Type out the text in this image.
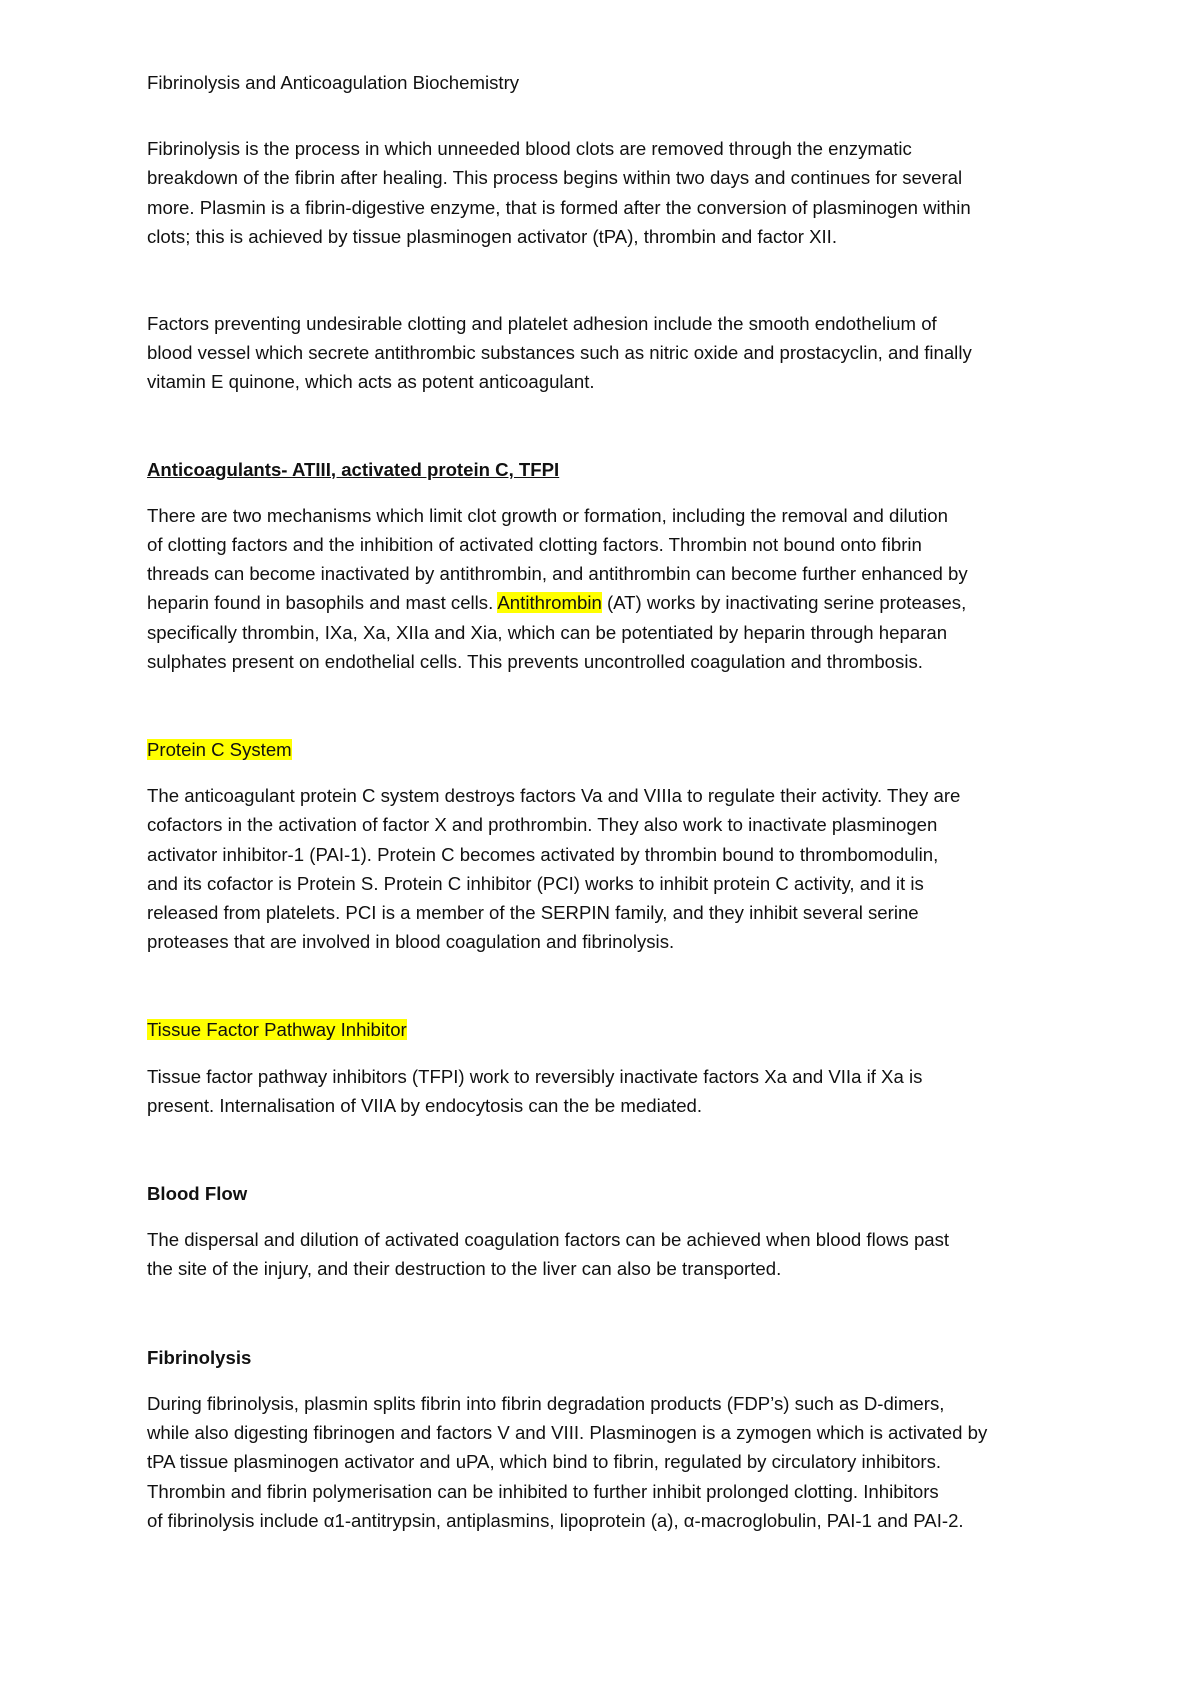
Fibrinolysis and Anticoagulation Biochemistry

Fibrinolysis is the process in which unneeded blood clots are removed through the enzymatic
breakdown of the fibrin after healing. This process begins within two days and continues for several
more. Plasmin is a fibrin-digestive enzyme, that is formed after the conversion of plasminogen within
clots; this is achieved by tissue plasminogen activator (tPA), thrombin and factor XII.
Factors preventing undesirable clotting and platelet adhesion include the smooth endothelium of
blood vessel which secrete antithrombic substances such as nitric oxide and prostacyclin, and finally
vitamin E quinone, which acts as potent anticoagulant.

Anticoagulants- ATIII, activated protein C, TFPI

There are two mechanisms which limit clot growth or formation, including the removal and dilution
of clotting factors and the inhibition of activated clotting factors. Thrombin not bound onto fibrin
threads can become inactivated by antithrombin, and antithrombin can become further enhanced by
heparin found in basophils and mast cells. Antithrombin (AT) works by inactivating serine proteases,
specifically thrombin, IXa, Xa, XIIa and Xia, which can be potentiated by heparin through heparan
sulphates present on endothelial cells. This prevents uncontrolled coagulation and thrombosis.

Protein C System

The anticoagulant protein C system destroys factors Va and VIIIa to regulate their activity. They are
cofactors in the activation of factor X and prothrombin. They also work to inactivate plasminogen
activator inhibitor-1 (PAI-1). Protein C becomes activated by thrombin bound to thrombomodulin,
and its cofactor is Protein S. Protein C inhibitor (PCI) works to inhibit protein C activity, and it is
released from platelets. PCI is a member of the SERPIN family, and they inhibit several serine
proteases that are involved in blood coagulation and fibrinolysis.

Tissue Factor Pathway Inhibitor

Tissue factor pathway inhibitors (TFPI) work to reversibly inactivate factors Xa and VIIa if Xa is
present. Internalisation of VIIA by endocytosis can the be mediated.

Blood Flow

The dispersal and dilution of activated coagulation factors can be achieved when blood flows past
the site of the injury, and their destruction to the liver can also be transported.

Fibrinolysis

During fibrinolysis, plasmin splits fibrin into fibrin degradation products (FDP’s) such as D-dimers,
while also digesting fibrinogen and factors V and VIII. Plasminogen is a zymogen which is activated by
tPA tissue plasminogen activator and uPA, which bind to fibrin, regulated by circulatory inhibitors.
Thrombin and fibrin polymerisation can be inhibited to further inhibit prolonged clotting. Inhibitors
of fibrinolysis include α1-antitrypsin, antiplasmins, lipoprotein (a), α-macroglobulin, PAI-1 and PAI-2.
